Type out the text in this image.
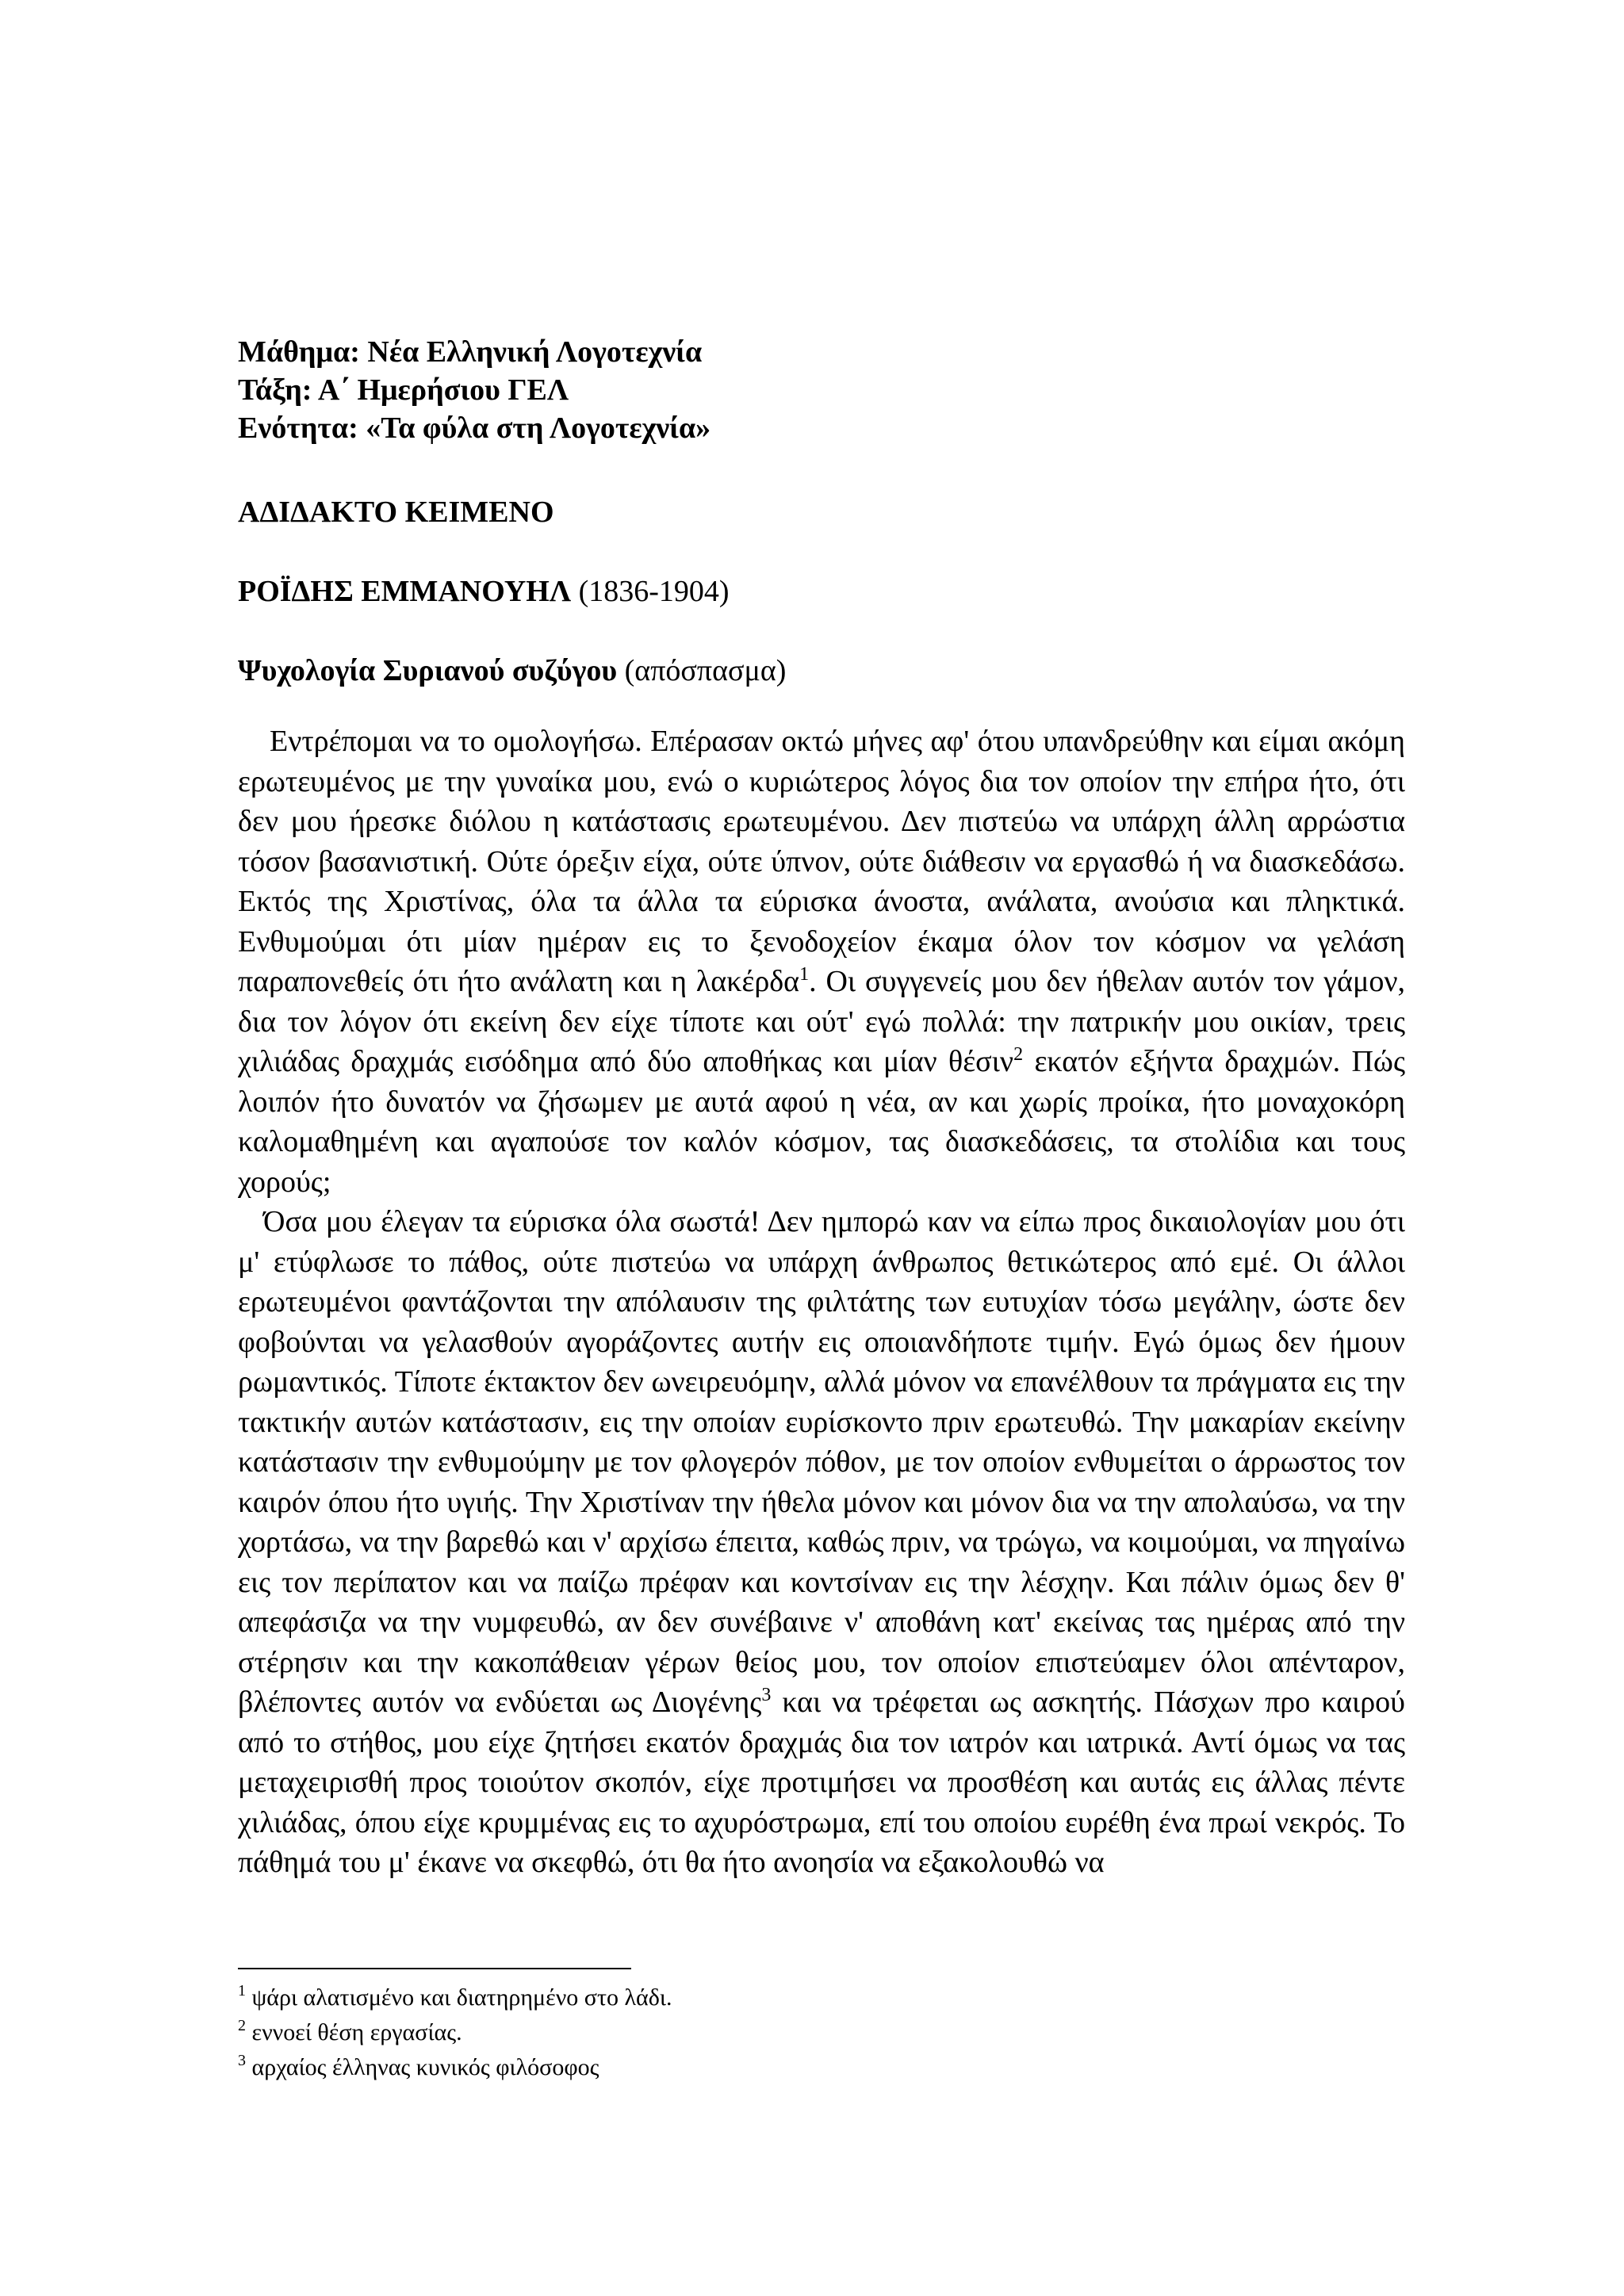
Μάθημα: Νέα Ελληνική Λογοτεχνία

Τάξη: Α΄ Ημερήσιου ΓΕΛ

Ενότητα: «Τα φύλα στη Λογοτεχνία»

ΑΔΙΔΑΚΤΟ ΚΕΙΜΕΝΟ

ΡΟΪΔΗΣ ΕΜΜΑΝΟΥΗΛ (1836-1904)

Ψυχολογία Συριανού συζύγου (απόσπασμα)

Εντρέπομαι να το ομολογήσω. Επέρασαν οκτώ μήνες αφ' ότου υπανδρεύθην και είμαι ακόμη ερωτευμένος με την γυναίκα μου, ενώ ο κυριώτερος λόγος δια τον οποίον την επήρα ήτο, ότι δεν μου ήρεσκε διόλου η κατάστασις ερωτευμένου. Δεν πιστεύω να υπάρχη άλλη αρρώστια τόσον βασανιστική. Ούτε όρεξιν είχα, ούτε ύπνον, ούτε διάθεσιν να εργασθώ ή να διασκεδάσω. Εκτός της Χριστίνας, όλα τα άλλα τα εύρισκα άνοστα, ανάλατα, ανούσια και πληκτικά. Ενθυμούμαι ότι μίαν ημέραν εις το ξενοδοχείον έκαμα όλον τον κόσμον να γελάση παραπονεθείς ότι ήτο ανάλατη και η λακέρδα$^1$. Οι συγγενείς μου δεν ήθελαν αυτόν τον γάμον, δια τον λόγον ότι εκείνη δεν είχε τίποτε και ούτ' εγώ πολλά: την πατρικήν μου οικίαν, τρεις χιλιάδας δραχμάς εισόδημα από δύο αποθήκας και μίαν θέσιν$^2$ εκατόν εξήντα δραχμών. Πώς λοιπόν ήτο δυνατόν να ζήσωμεν με αυτά αφού η νέα, αν και χωρίς προίκα, ήτο μοναχοκόρη καλομαθημένη και αγαπούσε τον καλόν κόσμον, τας διασκεδάσεις, τα στολίδια και τους χορούς;

Όσα μου έλεγαν τα εύρισκα όλα σωστά! Δεν ημπορώ καν να είπω προς δικαιολογίαν μου ότι μ' ετύφλωσε το πάθος, ούτε πιστεύω να υπάρχη άνθρωπος θετικώτερος από εμέ. Οι άλλοι ερωτευμένοι φαντάζονται την απόλαυσιν της φιλτάτης των ευτυχίαν τόσω μεγάλην, ώστε δεν φοβούνται να γελασθούν αγοράζοντες αυτήν εις οποιανδήποτε τιμήν. Εγώ όμως δεν ήμουν ρωμαντικός. Τίποτε έκτακτον δεν ωνειρευόμην, αλλά μόνον να επανέλθουν τα πράγματα εις την τακτικήν αυτών κατάστασιν, εις την οποίαν ευρίσκοντο πριν ερωτευθώ. Την μακαρίαν εκείνην κατάστασιν την ενθυμούμην με τον φλογερόν πόθον, με τον οποίον ενθυμείται ο άρρωστος τον καιρόν όπου ήτο υγιής. Την Χριστίναν την ήθελα μόνον και μόνον δια να την απολαύσω, να την χορτάσω, να την βαρεθώ και ν' αρχίσω έπειτα, καθώς πριν, να τρώγω, να κοιμούμαι, να πηγαίνω εις τον περίπατον και να παίζω πρέφαν και κοντσίναν εις την λέσχην. Και πάλιν όμως δεν θ' απεφάσιζα να την νυμφευθώ, αν δεν συνέβαινε ν' αποθάνη κατ' εκείνας τας ημέρας από την στέρησιν και την κακοπάθειαν γέρων θείος μου, τον οποίον επιστεύαμεν όλοι απένταρον, βλέποντες αυτόν να ενδύεται ως Διογένης$^3$ και να τρέφεται ως ασκητής. Πάσχων προ καιρού από το στήθος, μου είχε ζητήσει εκατόν δραχμάς δια τον ιατρόν και ιατρικά. Αντί όμως να τας μεταχειρισθή προς τοιούτον σκοπόν, είχε προτιμήσει να προσθέση και αυτάς εις άλλας πέντε χιλιάδας, όπου είχε κρυμμένας εις το αχυρόστρωμα, επί του οποίου ευρέθη ένα πρωί νεκρός. Το πάθημά του μ' έκανε να σκεφθώ, ότι θα ήτο ανοησία να εξακολουθώ να

$^1$ ψάρι αλατισμένο και διατηρημένο στο λάδι.

$^2$ εννοεί θέση εργασίας.

$^3$ αρχαίος έλληνας κυνικός φιλόσοφος
